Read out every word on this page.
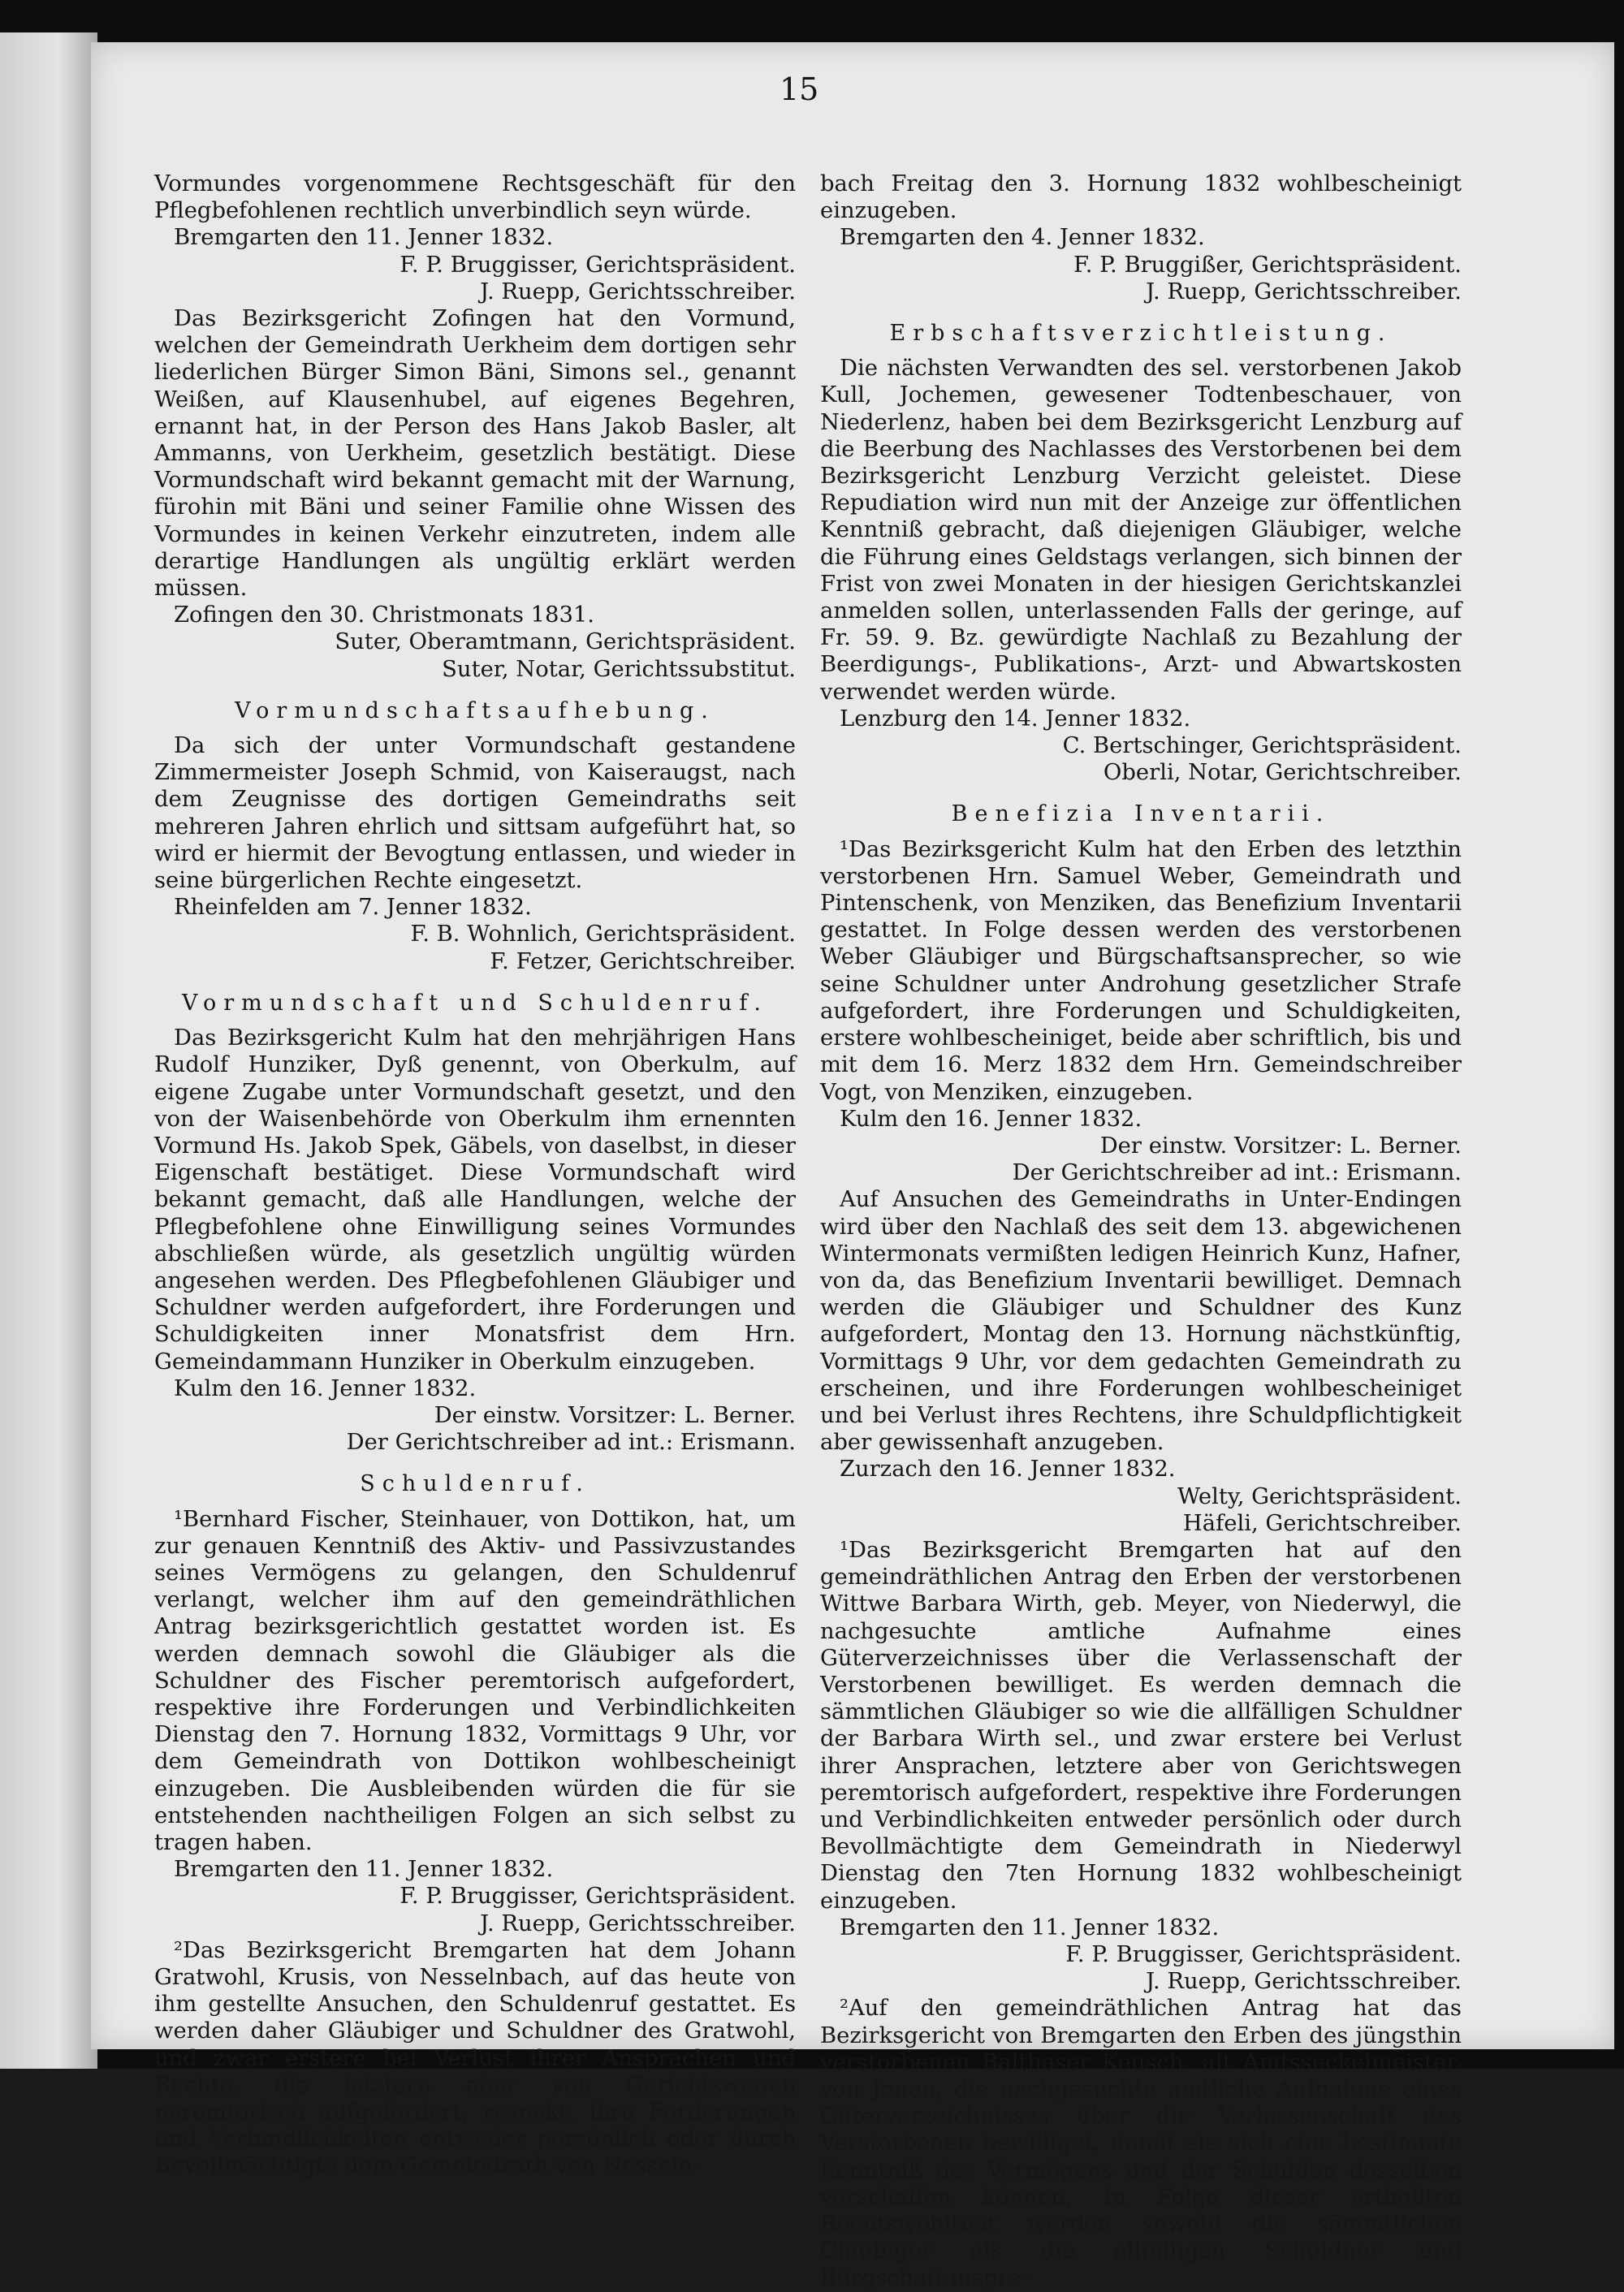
15

Vormundes vorgenommene Rechtsgeschäft für den Pflegbefohlenen rechtlich unverbindlich seyn würde.

Bremgarten den 11. Jenner 1832.

F. P. Bruggisser, Gerichtspräsident.

J. Ruepp, Gerichtsschreiber.

Das Bezirksgericht Zofingen hat den Vormund, welchen der Gemeindrath Uerkheim dem dortigen sehr liederlichen Bürger Simon Bäni, Simons sel., genannt Weißen, auf Klausenhubel, auf eigenes Begehren, ernannt hat, in der Person des Hans Jakob Basler, alt Ammanns, von Uerkheim, gesetzlich bestätigt. Diese Vormundschaft wird bekannt gemacht mit der Warnung, fürohin mit Bäni und seiner Familie ohne Wissen des Vormundes in keinen Verkehr einzutreten, indem alle derartige Handlungen als ungültig erklärt werden müssen.

Zofingen den 30. Christmonats 1831.

Suter, Oberamtmann, Gerichtspräsident.

Suter, Notar, Gerichtssubstitut.

Vormundschaftsaufhebung.

Da sich der unter Vormundschaft gestandene Zimmermeister Joseph Schmid, von Kaiseraugst, nach dem Zeugnisse des dortigen Gemeindraths seit mehreren Jahren ehrlich und sittsam aufgeführt hat, so wird er hiermit der Bevogtung entlassen, und wieder in seine bürgerlichen Rechte eingesetzt.

Rheinfelden am 7. Jenner 1832.

F. B. Wohnlich, Gerichtspräsident.

F. Fetzer, Gerichtschreiber.

Vormundschaft und Schuldenruf.

Das Bezirksgericht Kulm hat den mehrjährigen Hans Rudolf Hunziker, Dyß genennt, von Oberkulm, auf eigene Zugabe unter Vormundschaft gesetzt, und den von der Waisenbehörde von Oberkulm ihm ernennten Vormund Hs. Jakob Spek, Gäbels, von daselbst, in dieser Eigenschaft bestätiget. Diese Vormundschaft wird bekannt gemacht, daß alle Handlungen, welche der Pflegbefohlene ohne Einwilligung seines Vormundes abschließen würde, als gesetzlich ungültig würden angesehen werden. Des Pflegbefohlenen Gläubiger und Schuldner werden aufgefordert, ihre Forderungen und Schuldigkeiten inner Monatsfrist dem Hrn. Gemeindammann Hunziker in Oberkulm einzugeben.

Kulm den 16. Jenner 1832.

Der einstw. Vorsitzer: L. Berner.

Der Gerichtschreiber ad int.: Erismann.

Schuldenruf.

¹Bernhard Fischer, Steinhauer, von Dottikon, hat, um zur genauen Kenntniß des Aktiv- und Passivzustandes seines Vermögens zu gelangen, den Schuldenruf verlangt, welcher ihm auf den gemeindräthlichen Antrag bezirksgerichtlich gestattet worden ist. Es werden demnach sowohl die Gläubiger als die Schuldner des Fischer peremtorisch aufgefordert, respektive ihre Forderungen und Verbindlichkeiten Dienstag den 7. Hornung 1832, Vormittags 9 Uhr, vor dem Gemeindrath von Dottikon wohlbescheinigt einzugeben. Die Ausbleibenden würden die für sie entstehenden nachtheiligen Folgen an sich selbst zu tragen haben.

Bremgarten den 11. Jenner 1832.

F. P. Bruggisser, Gerichtspräsident.

J. Ruepp, Gerichtsschreiber.

²Das Bezirksgericht Bremgarten hat dem Johann Gratwohl, Krusis, von Nesselnbach, auf das heute von ihm gestellte Ansuchen, den Schuldenruf gestattet. Es werden daher Gläubiger und Schuldner des Gratwohl, und zwar erstere bei Verlust ihrer Ansprachen und Rechte, die letztern aber von Gerichtswegen peremtorisch aufgefordert, respekt. ihre Forderungen und Verbindlichkeiten entweder persönlich oder durch Bevollmächtigte dem Gemeindrath von Nesseln-

bach Freitag den 3. Hornung 1832 wohlbescheinigt einzugeben.

Bremgarten den 4. Jenner 1832.

F. P. Bruggißer, Gerichtspräsident.

J. Ruepp, Gerichtsschreiber.

Erbschaftsverzichtleistung.

Die nächsten Verwandten des sel. verstorbenen Jakob Kull, Jochemen, gewesener Todtenbeschauer, von Niederlenz, haben bei dem Bezirksgericht Lenzburg auf die Beerbung des Nachlasses des Verstorbenen bei dem Bezirksgericht Lenzburg Verzicht geleistet. Diese Repudiation wird nun mit der Anzeige zur öffentlichen Kenntniß gebracht, daß diejenigen Gläubiger, welche die Führung eines Geldstags verlangen, sich binnen der Frist von zwei Monaten in der hiesigen Gerichtskanzlei anmelden sollen, unterlassenden Falls der geringe, auf Fr. 59. 9. Bz. gewürdigte Nachlaß zu Bezahlung der Beerdigungs-, Publikations-, Arzt- und Abwartskosten verwendet werden würde.

Lenzburg den 14. Jenner 1832.

C. Bertschinger, Gerichtspräsident.

Oberli, Notar, Gerichtschreiber.

Benefizia Inventarii.

¹Das Bezirksgericht Kulm hat den Erben des letzthin verstorbenen Hrn. Samuel Weber, Gemeindrath und Pintenschenk, von Menziken, das Benefizium Inventarii gestattet. In Folge dessen werden des verstorbenen Weber Gläubiger und Bürgschaftsansprecher, so wie seine Schuldner unter Androhung gesetzlicher Strafe aufgefordert, ihre Forderungen und Schuldigkeiten, erstere wohlbescheiniget, beide aber schriftlich, bis und mit dem 16. Merz 1832 dem Hrn. Gemeindschreiber Vogt, von Menziken, einzugeben.

Kulm den 16. Jenner 1832.

Der einstw. Vorsitzer: L. Berner.

Der Gerichtschreiber ad int.: Erismann.

Auf Ansuchen des Gemeindraths in Unter-Endingen wird über den Nachlaß des seit dem 13. abgewichenen Wintermonats vermißten ledigen Heinrich Kunz, Hafner, von da, das Benefizium Inventarii bewilliget. Demnach werden die Gläubiger und Schuldner des Kunz aufgefordert, Montag den 13. Hornung nächstkünftig, Vormittags 9 Uhr, vor dem gedachten Gemeindrath zu erscheinen, und ihre Forderungen wohlbescheiniget und bei Verlust ihres Rechtens, ihre Schuldpflichtigkeit aber gewissenhaft anzugeben.

Zurzach den 16. Jenner 1832.

Welty, Gerichtspräsident.

Häfeli, Gerichtschreiber.

¹Das Bezirksgericht Bremgarten hat auf den gemeindräthlichen Antrag den Erben der verstorbenen Wittwe Barbara Wirth, geb. Meyer, von Niederwyl, die nachgesuchte amtliche Aufnahme eines Güterverzeichnisses über die Verlassenschaft der Verstorbenen bewilliget. Es werden demnach die sämmtlichen Gläubiger so wie die allfälligen Schuldner der Barbara Wirth sel., und zwar erstere bei Verlust ihrer Ansprachen, letztere aber von Gerichtswegen peremtorisch aufgefordert, respektive ihre Forderungen und Verbindlichkeiten entweder persönlich oder durch Bevollmächtigte dem Gemeindrath in Niederwyl Dienstag den 7ten Hornung 1832 wohlbescheinigt einzugeben.

Bremgarten den 11. Jenner 1832.

F. P. Bruggisser, Gerichtspräsident.

J. Ruepp, Gerichtsschreiber.

²Auf den gemeindräthlichen Antrag hat das Bezirksgericht von Bremgarten den Erben des jüngsthin verstorbenen Balthaser Keusch, alt Amtsseckelmeister, von Jonen, die nachgesuchte amtliche Aufnahme eines Güterverzeichnisses über die Verlassenschaft des Verstorbenen bewilliget, damit sie sich eine bestimmte Kenntniß des Vermögens und der Schulden desselben verschaffen können. In Folge dieser ertheilten Rechtswohltbat werden sowohl die sämmtlichen Gläubiger als die allfälligen Schuldner und Bürgschaftanspre-
